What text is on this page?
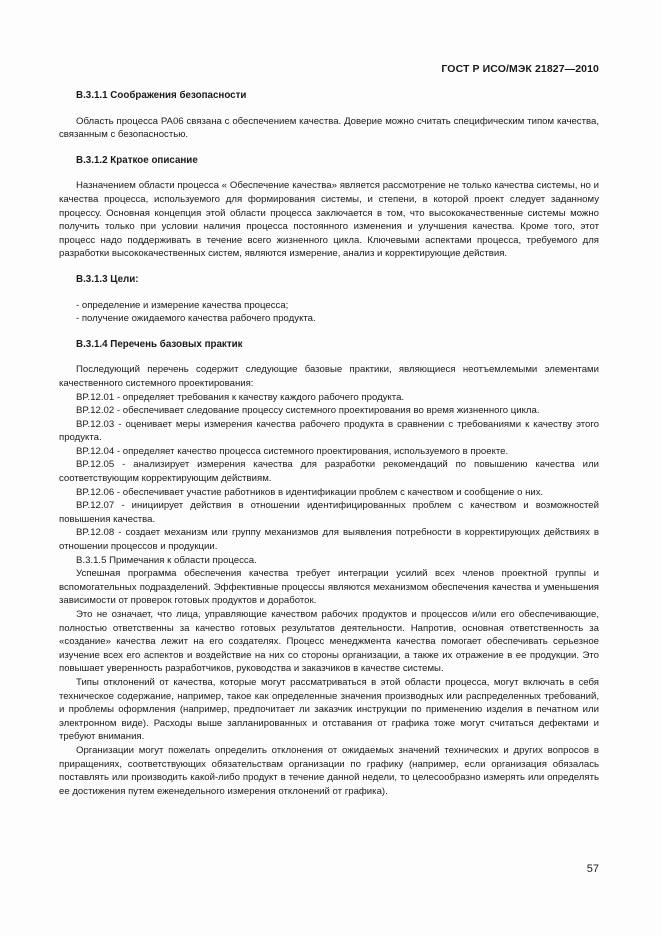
ГОСТ Р ИСО/МЭК 21827—2010

В.3.1.1 Соображения безопасности

Область процесса PA06 связана с обеспечением качества. Доверие можно считать специфическим типом качества, связанным с безопасностью.

В.3.1.2 Краткое описание

Назначением области процесса « Обеспечение качества» является рассмотрение не только качества системы, но и качества процесса, используемого для формирования системы, и степени, в которой проект следует заданному процессу. Основная концепция этой области процесса заключается в том, что высококачественные системы можно получить только при условии наличия процесса постоянного изменения и улучшения качества. Кроме того, этот процесс надо поддерживать в течение всего жизненного цикла. Ключевыми аспектами процесса, требуемого для разработки высококачественных систем, являются измерение, анализ и корректирующие действия.

В.3.1.3 Цели:

- определение и измерение качества процесса;

- получение ожидаемого качества рабочего продукта.

В.3.1.4 Перечень базовых практик

Последующий перечень содержит следующие базовые практики, являющиеся неотъемлемыми элементами качественного системного проектирования:

BP.12.01 - определяет требования к качеству каждого рабочего продукта.

BP.12.02 - обеспечивает следование процессу системного проектирования во время жизненного цикла.

BP.12.03 - оценивает меры измерения качества рабочего продукта в сравнении с требованиями к качеству этого продукта.

BP.12.04 - определяет качество процесса системного проектирования, используемого в проекте.

BP.12.05 - анализирует измерения качества для разработки рекомендаций по повышению качества или соответствующим корректирующим действиям.

BP.12.06 - обеспечивает участие работников в идентификации проблем с качеством и сообщение о них.

BP.12.07 - инициирует действия в отношении идентифицированных проблем с качеством и возможностей повышения качества.

BP.12.08 - создает механизм или группу механизмов для выявления потребности в корректирующих действиях в отношении процессов и продукции.

В.3.1.5 Примечания к области процесса.

Успешная программа обеспечения качества требует интеграции усилий всех членов проектной группы и вспомогательных подразделений. Эффективные процессы являются механизмом обеспечения качества и уменьшения зависимости от проверок готовых продуктов и доработок.

Это не означает, что лица, управляющие качеством рабочих продуктов и процессов и/или его обеспечивающие, полностью ответственны за качество готовых результатов деятельности. Напротив, основная ответственность за «создание» качества лежит на его создателях. Процесс менеджмента качества помогает обеспечивать серьезное изучение всех его аспектов и воздействие на них со стороны организации, а также их отражение в ее продукции. Это повышает уверенность разработчиков, руководства и заказчиков в качестве системы.

Типы отклонений от качества, которые могут рассматриваться в этой области процесса, могут включать в себя техническое содержание, например, такое как определенные значения производных или распределенных требований, и проблемы оформления (например, предпочитает ли заказчик инструкции по применению изделия в печатном или электронном виде). Расходы выше запланированных и отставания от графика тоже могут считаться дефектами и требуют внимания.

Организации могут пожелать определить отклонения от ожидаемых значений технических и других вопросов в приращениях, соответствующих обязательствам организации по графику (например, если организация обязалась поставлять или производить какой-либо продукт в течение данной недели, то целесообразно измерять или определять ее достижения путем еженедельного измерения отклонений от графика).

57
